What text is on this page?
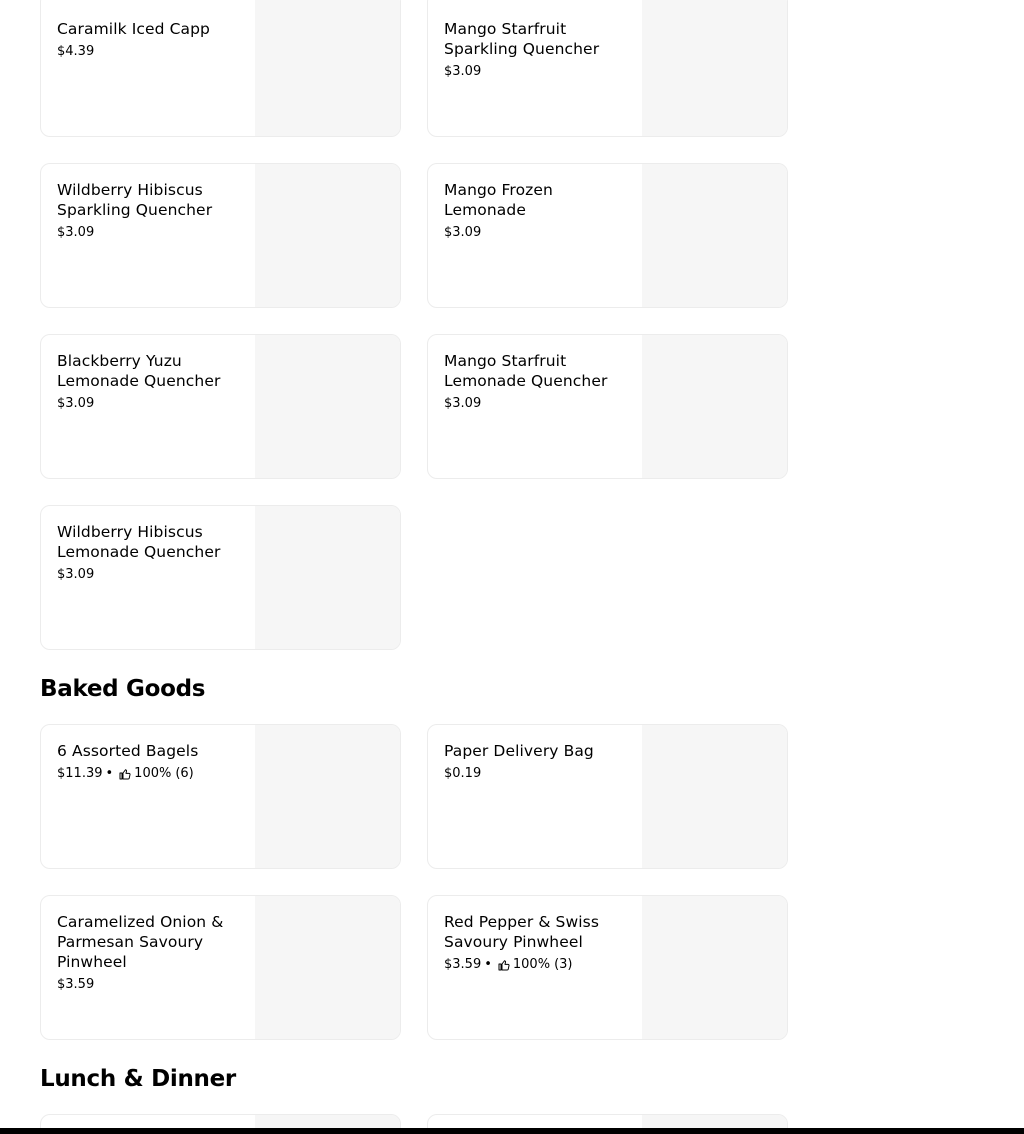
Caramilk Iced Capp
$4.39
Mango Starfruit Sparkling Quencher
$3.09
Wildberry Hibiscus Sparkling Quencher
$3.09
Mango Frozen Lemonade
$3.09
Blackberry Yuzu Lemonade Quencher
$3.09
Mango Starfruit Lemonade Quencher
$3.09
Wildberry Hibiscus Lemonade Quencher
$3.09
Baked Goods
6 Assorted Bagels
$11.39 • 100% (6)
Paper Delivery Bag
$0.19
Caramelized Onion & Parmesan Savoury Pinwheel
$3.59
Red Pepper & Swiss Savoury Pinwheel
$3.59 • 100% (3)
Lunch & Dinner
